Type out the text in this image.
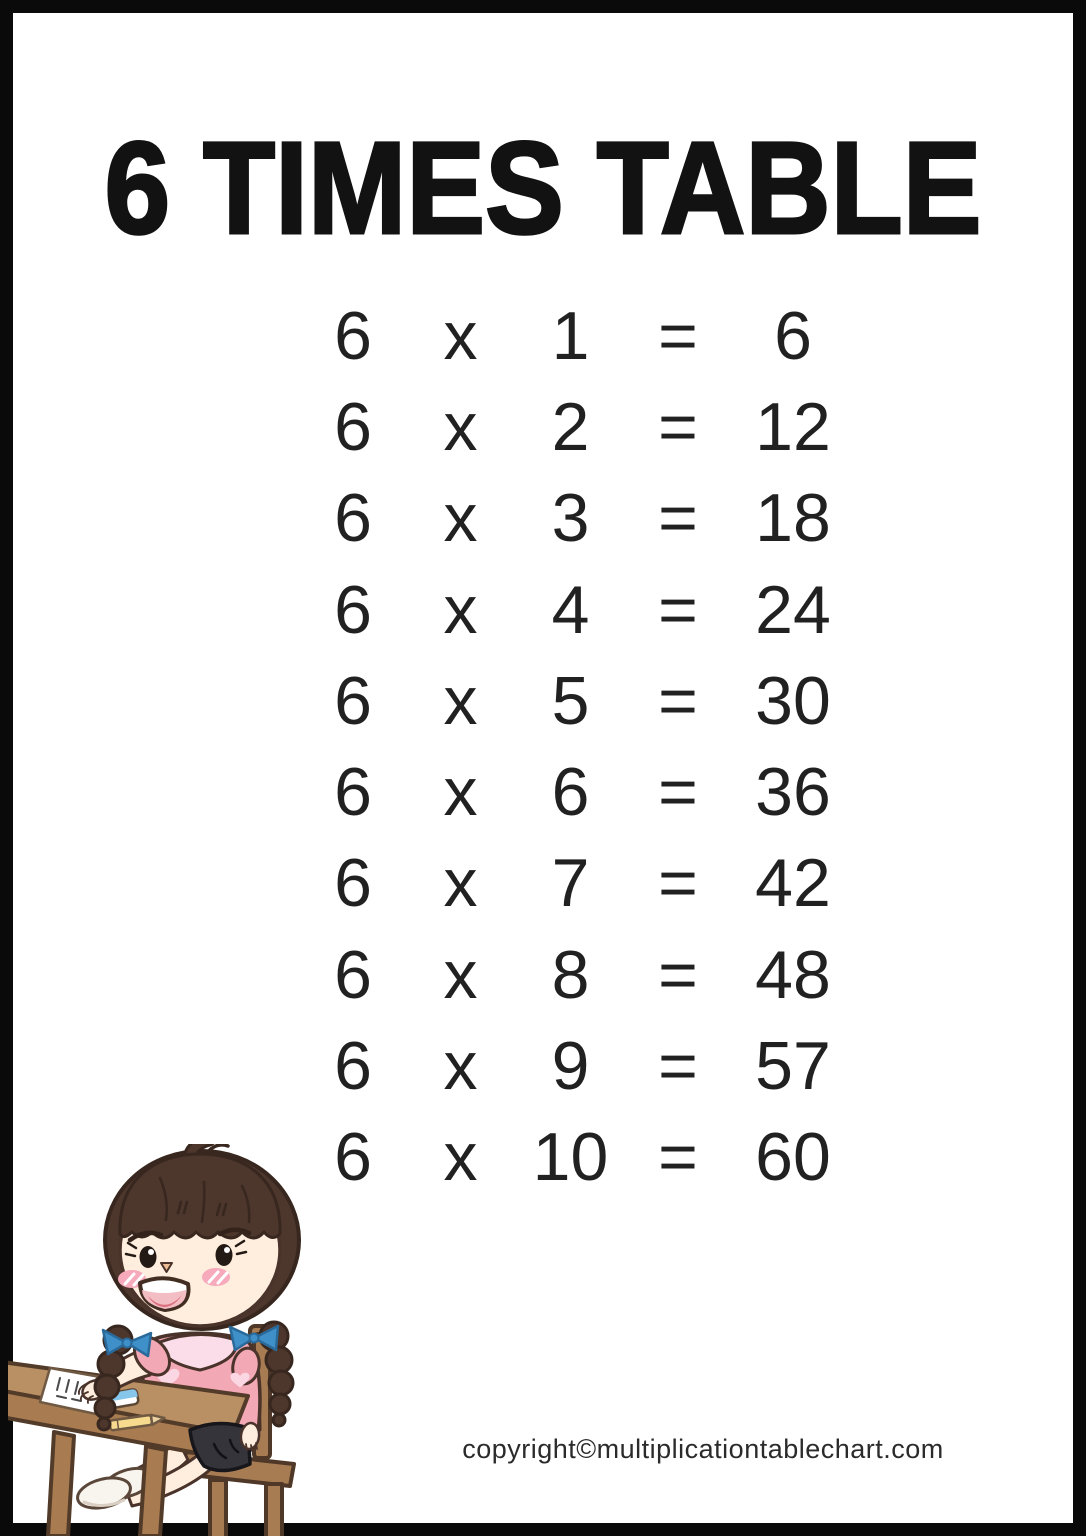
6 TIMES TABLE
6	x	1	=	6
6	x	2	= 12
6	x	3	= 18
6	x	4	= 24
6	x	5	= 30
6	x	6	= 36
6	x	7	= 42
6	x	8	= 48
6	x	9	= 57
6	x 10 = 60
copyright©multiplicationtablechart.com
